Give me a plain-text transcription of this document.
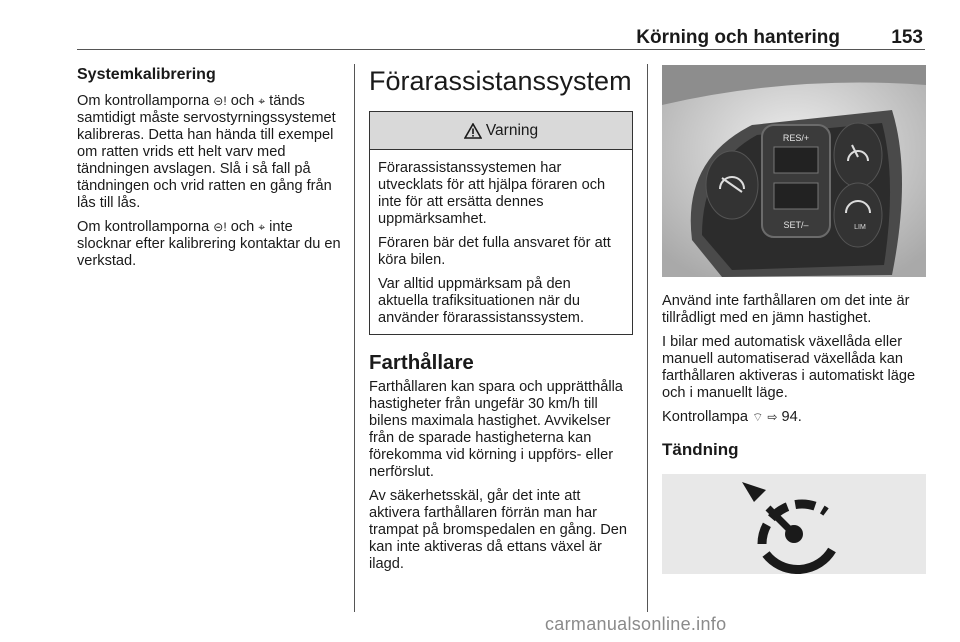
Körning och hantering	153
Systemkalibrering

Om kontrollamporna ⊝! och ⌖ tänds samtidigt måste servostyrningssystemet kalibreras. Detta han hända till exempel om ratten vrids ett helt varv med tändningen avslagen. Slå i så fall på tändningen och vrid ratten en gång från lås till lås.

Om kontrollamporna ⊝! och ⌖ inte slocknar efter kalibrering kontaktar du en verkstad.

Förarassistanssystem
Varning

Förarassistanssystemen har utvecklats för att hjälpa föraren och inte för att ersätta dennes uppmärksamhet.

Föraren bär det fulla ansvaret för att köra bilen.

Var alltid uppmärksam på den aktuella trafiksituationen när du använder förarassistanssystem.

Farthållare

Farthållaren kan spara och upprätthålla hastigheter från ungefär 30 km/h till bilens maximala hastighet. Avvikelser från de sparade hastigheterna kan förekomma vid körning i uppförs- eller nerförslut.

Av säkerhetsskäl, går det inte att aktivera farthållaren förrän man har trampat på bromspedalen en gång. Den kan inte aktiveras då ettans växel är ilagd.

RES/+
SET/–	LIM

Använd inte farthållaren om det inte är tillrådligt med en jämn hastighet.

I bilar med automatisk växellåda eller manuell automatiserad växellåda kan farthållaren aktiveras i automatiskt läge och i manuellt läge.

Kontrollampa ⌔ ⇨ 94.

Tändning
carmanualsonline.info
